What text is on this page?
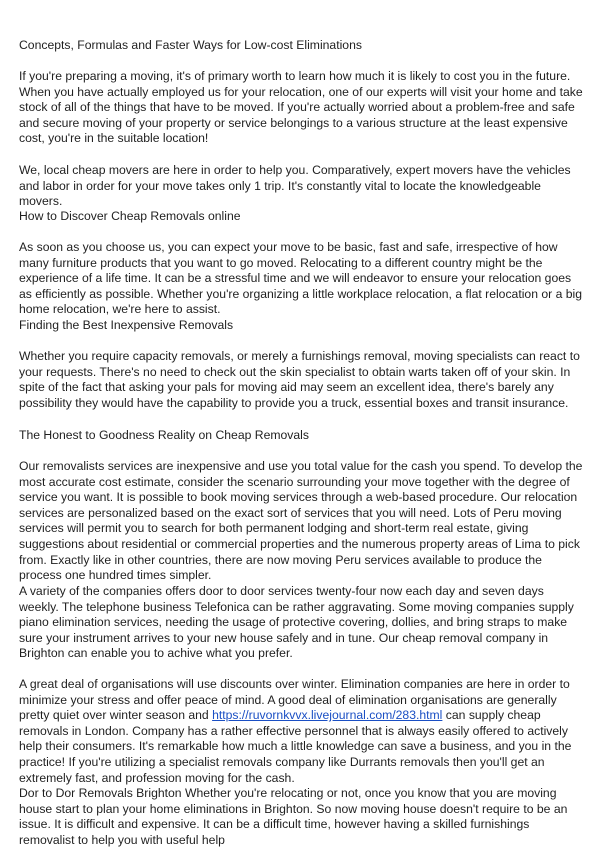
Concepts, Formulas and Faster Ways for Low-cost Eliminations

If you're preparing a moving, it's of primary worth to learn how much it is likely to cost you in the future. When you have actually employed us for your relocation, one of our experts will visit your home and take stock of all of the things that have to be moved. If you're actually worried about a problem-free and safe and secure moving of your property or service belongings to a various structure at the least expensive cost, you're in the suitable location!

We, local cheap movers are here in order to help you. Comparatively, expert movers have the vehicles and labor in order for your move takes only 1 trip. It's constantly vital to locate the knowledgeable movers.

How to Discover Cheap Removals online

As soon as you choose us, you can expect your move to be basic, fast and safe, irrespective of how many furniture products that you want to go moved. Relocating to a different country might be the experience of a life time. It can be a stressful time and we will endeavor to ensure your relocation goes as efficiently as possible. Whether you're organizing a little workplace relocation, a flat relocation or a big home relocation, we're here to assist.

Finding the Best Inexpensive Removals

Whether you require capacity removals, or merely a furnishings removal, moving specialists can react to your requests. There's no need to check out the skin specialist to obtain warts taken off of your skin. In spite of the fact that asking your pals for moving aid may seem an excellent idea, there's barely any possibility they would have the capability to provide you a truck, essential boxes and transit insurance.

The Honest to Goodness Reality on Cheap Removals

Our removalists services are inexpensive and use you total value for the cash you spend. To develop the most accurate cost estimate, consider the scenario surrounding your move together with the degree of service you want. It is possible to book moving services through a web-based procedure. Our relocation services are personalized based on the exact sort of services that you will need. Lots of Peru moving services will permit you to search for both permanent lodging and short-term real estate, giving suggestions about residential or commercial properties and the numerous property areas of Lima to pick from. Exactly like in other countries, there are now moving Peru services available to produce the process one hundred times simpler.

A variety of the companies offers door to door services twenty-four now each day and seven days weekly. The telephone business Telefonica can be rather aggravating. Some moving companies supply piano elimination services, needing the usage of protective covering, dollies, and bring straps to make sure your instrument arrives to your new house safely and in tune. Our cheap removal company in Brighton can enable you to achive what you prefer.

A great deal of organisations will use discounts over winter. Elimination companies are here in order to minimize your stress and offer peace of mind. A good deal of elimination organisations are generally pretty quiet over winter season and https://ruvornkvvx.livejournal.com/283.html can supply cheap removals in London. Company has a rather effective personnel that is always easily offered to actively help their consumers. It's remarkable how much a little knowledge can save a business, and you in the practice! If you're utilizing a specialist removals company like Durrants removals then you'll get an extremely fast, and profession moving for the cash.

Dor to Dor Removals Brighton Whether you're relocating or not, once you know that you are moving house start to plan your home eliminations in Brighton. So now moving house doesn't require to be an issue. It is difficult and expensive. It can be a difficult time, however having a skilled furnishings removalist to help you with useful help
